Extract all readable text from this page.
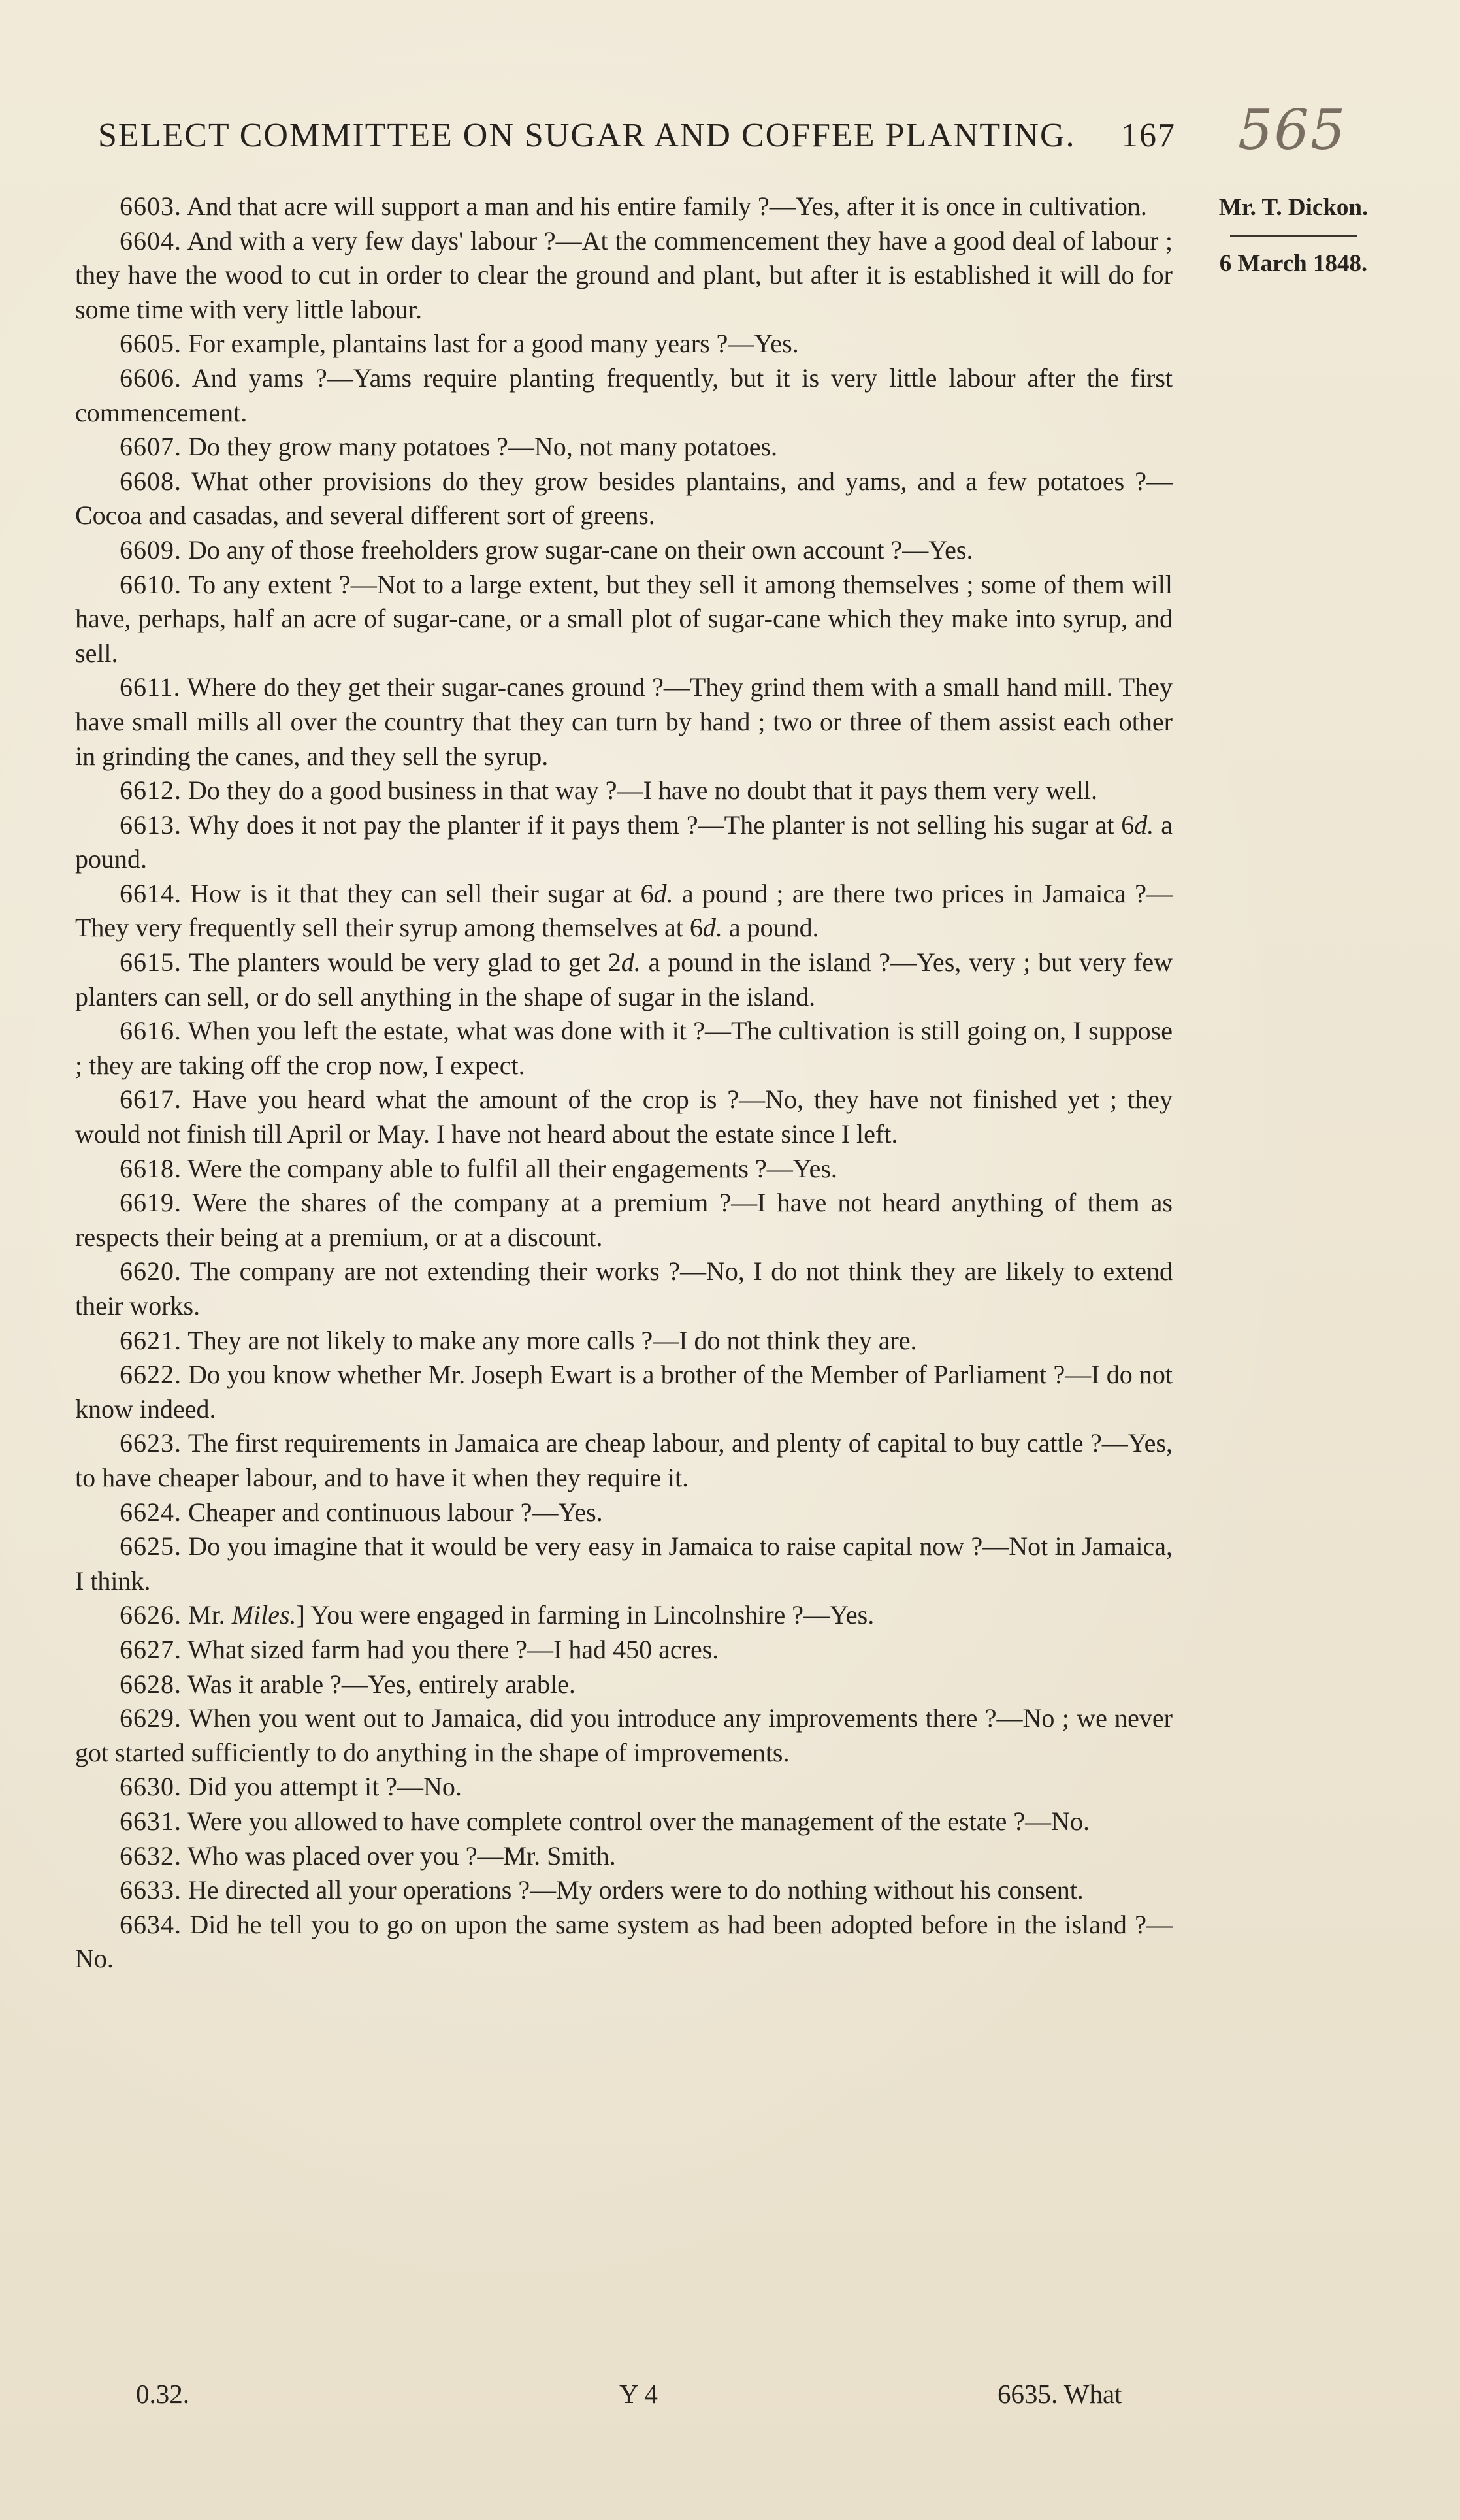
SELECT COMMITTEE ON SUGAR AND COFFEE PLANTING. 167 565
Mr. T. Dickon.
6 March 1848.

6603. And that acre will support a man and his entire family ?—Yes, after it is once in cultivation.

6604. And with a very few days' labour ?—At the commencement they have a good deal of labour ; they have the wood to cut in order to clear the ground and plant, but after it is established it will do for some time with very little labour.

6605. For example, plantains last for a good many years ?—Yes.

6606. And yams ?—Yams require planting frequently, but it is very little labour after the first commencement.

6607. Do they grow many potatoes ?—No, not many potatoes.

6608. What other provisions do they grow besides plantains, and yams, and a few potatoes ?—Cocoa and casadas, and several different sort of greens.

6609. Do any of those freeholders grow sugar-cane on their own account ?—Yes.

6610. To any extent ?—Not to a large extent, but they sell it among themselves ; some of them will have, perhaps, half an acre of sugar-cane, or a small plot of sugar-cane which they make into syrup, and sell.

6611. Where do they get their sugar-canes ground ?—They grind them with a small hand mill. They have small mills all over the country that they can turn by hand ; two or three of them assist each other in grinding the canes, and they sell the syrup.

6612. Do they do a good business in that way ?—I have no doubt that it pays them very well.

6613. Why does it not pay the planter if it pays them ?—The planter is not selling his sugar at 6d. a pound.

6614. How is it that they can sell their sugar at 6d. a pound ; are there two prices in Jamaica ?—They very frequently sell their syrup among themselves at 6d. a pound.

6615. The planters would be very glad to get 2d. a pound in the island ?—Yes, very ; but very few planters can sell, or do sell anything in the shape of sugar in the island.

6616. When you left the estate, what was done with it ?—The cultivation is still going on, I suppose ; they are taking off the crop now, I expect.

6617. Have you heard what the amount of the crop is ?—No, they have not finished yet ; they would not finish till April or May. I have not heard about the estate since I left.

6618. Were the company able to fulfil all their engagements ?—Yes.

6619. Were the shares of the company at a premium ?—I have not heard anything of them as respects their being at a premium, or at a discount.

6620. The company are not extending their works ?—No, I do not think they are likely to extend their works.

6621. They are not likely to make any more calls ?—I do not think they are.

6622. Do you know whether Mr. Joseph Ewart is a brother of the Member of Parliament ?—I do not know indeed.

6623. The first requirements in Jamaica are cheap labour, and plenty of capital to buy cattle ?—Yes, to have cheaper labour, and to have it when they require it.

6624. Cheaper and continuous labour ?—Yes.

6625. Do you imagine that it would be very easy in Jamaica to raise capital now ?—Not in Jamaica, I think.

6626. Mr. Miles.] You were engaged in farming in Lincolnshire ?—Yes.

6627. What sized farm had you there ?—I had 450 acres.

6628. Was it arable ?—Yes, entirely arable.

6629. When you went out to Jamaica, did you introduce any improvements there ?—No ; we never got started sufficiently to do anything in the shape of improvements.

6630. Did you attempt it ?—No.

6631. Were you allowed to have complete control over the management of the estate ?—No.

6632. Who was placed over you ?—Mr. Smith.

6633. He directed all your operations ?—My orders were to do nothing without his consent.

6634. Did he tell you to go on upon the same system as had been adopted before in the island ?—No.

0.32.	Y 4	6635. What
